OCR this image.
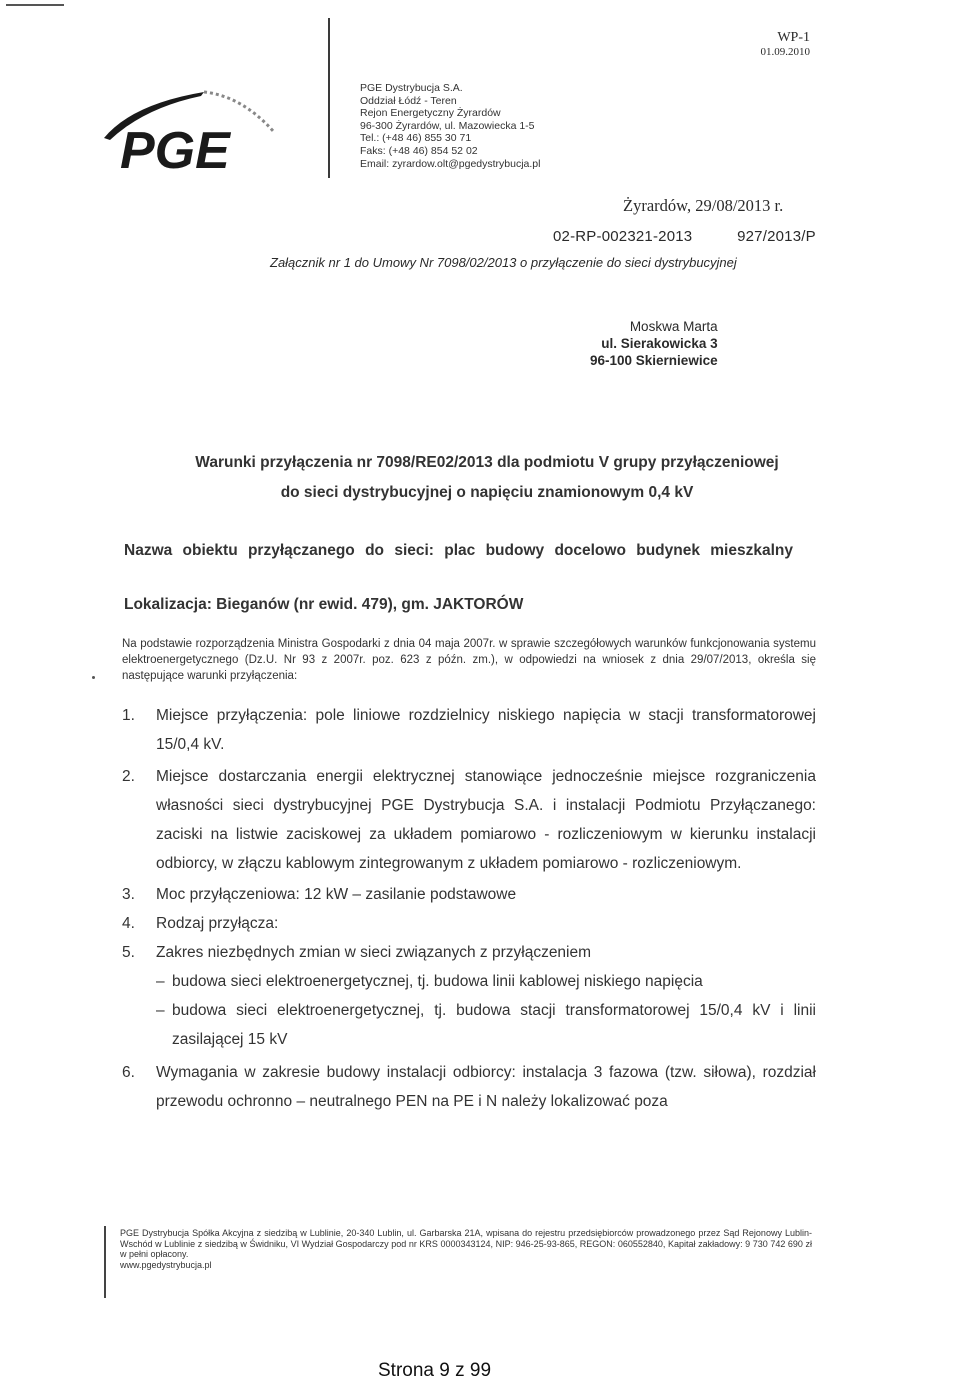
PGE
PGE Dystrybucja S.A.
Oddział Łódź - Teren
Rejon Energetyczny Żyrardów
96-300 Żyrardów, ul. Mazowiecka 1-5
Tel.: (+48 46) 855 30 71
Faks: (+48 46) 854 52 02
Email: zyrardow.olt@pgedystrybucja.pl
WP-1
01.09.2010
Żyrardów, 29/08/2013 r.
02-RP-002321-2013	927/2013/P
Załącznik nr 1 do Umowy Nr 7098/02/2013 o przyłączenie do sieci dystrybucyjnej
Moskwa Marta
ul. Sierakowicka 3
96-100 Skierniewice
Warunki przyłączenia nr 7098/RE02/2013 dla podmiotu V grupy przyłączeniowej
do sieci dystrybucyjnej o napięciu znamionowym 0,4 kV
Nazwa obiektu przyłączanego do sieci: plac budowy docelowo budynek mieszkalny
Lokalizacja: Bieganów (nr ewid. 479), gm. JAKTORÓW
Na podstawie rozporządzenia Ministra Gospodarki z dnia 04 maja 2007r. w sprawie szczegółowych warunków funkcjonowania systemu elektroenergetycznego (Dz.U. Nr 93 z 2007r. poz. 623 z późn. zm.), w odpowiedzi na wniosek z dnia 29/07/2013, określa się następujące warunki przyłączenia:
1. Miejsce przyłączenia: pole liniowe rozdzielnicy niskiego napięcia w stacji transformatorowej 15/0,4 kV.

2. Miejsce dostarczania energii elektrycznej stanowiące jednocześnie miejsce rozgraniczenia własności sieci dystrybucyjnej PGE Dystrybucja S.A. i instalacji Podmiotu Przyłączanego: zaciski na listwie zaciskowej za układem pomiarowo - rozliczeniowym w kierunku instalacji odbiorcy, w złączu kablowym zintegrowanym z układem pomiarowo - rozliczeniowym.

3. Moc przyłączeniowa: 12 kW – zasilanie podstawowe

4. Rodzaj przyłącza:

5. Zakres niezbędnych zmian w sieci związanych z przyłączeniem

– budowa sieci elektroenergetycznej, tj. budowa linii kablowej niskiego napięcia

– budowa sieci elektroenergetycznej, tj. budowa stacji transformatorowej 15/0,4 kV i linii zasilającej 15 kV

6. Wymagania w zakresie budowy instalacji odbiorcy: instalacja 3 fazowa (tzw. siłowa), rozdział przewodu ochronno – neutralnego PEN na PE i N należy lokalizować poza

PGE Dystrybucja Spółka Akcyjna z siedzibą w Lublinie, 20-340 Lublin, ul. Garbarska 21A, wpisana do rejestru przedsiębiorców prowadzonego przez Sąd Rejonowy Lublin-Wschód w Lublinie z siedzibą w Świdniku, VI Wydział Gospodarczy pod nr KRS 0000343124, NIP: 946-25-93-865, REGON: 060552840, Kapitał zakładowy: 9 730 742 690 zł w pełni opłacony.
www.pgedystrybucja.pl
Strona 9 z 99
